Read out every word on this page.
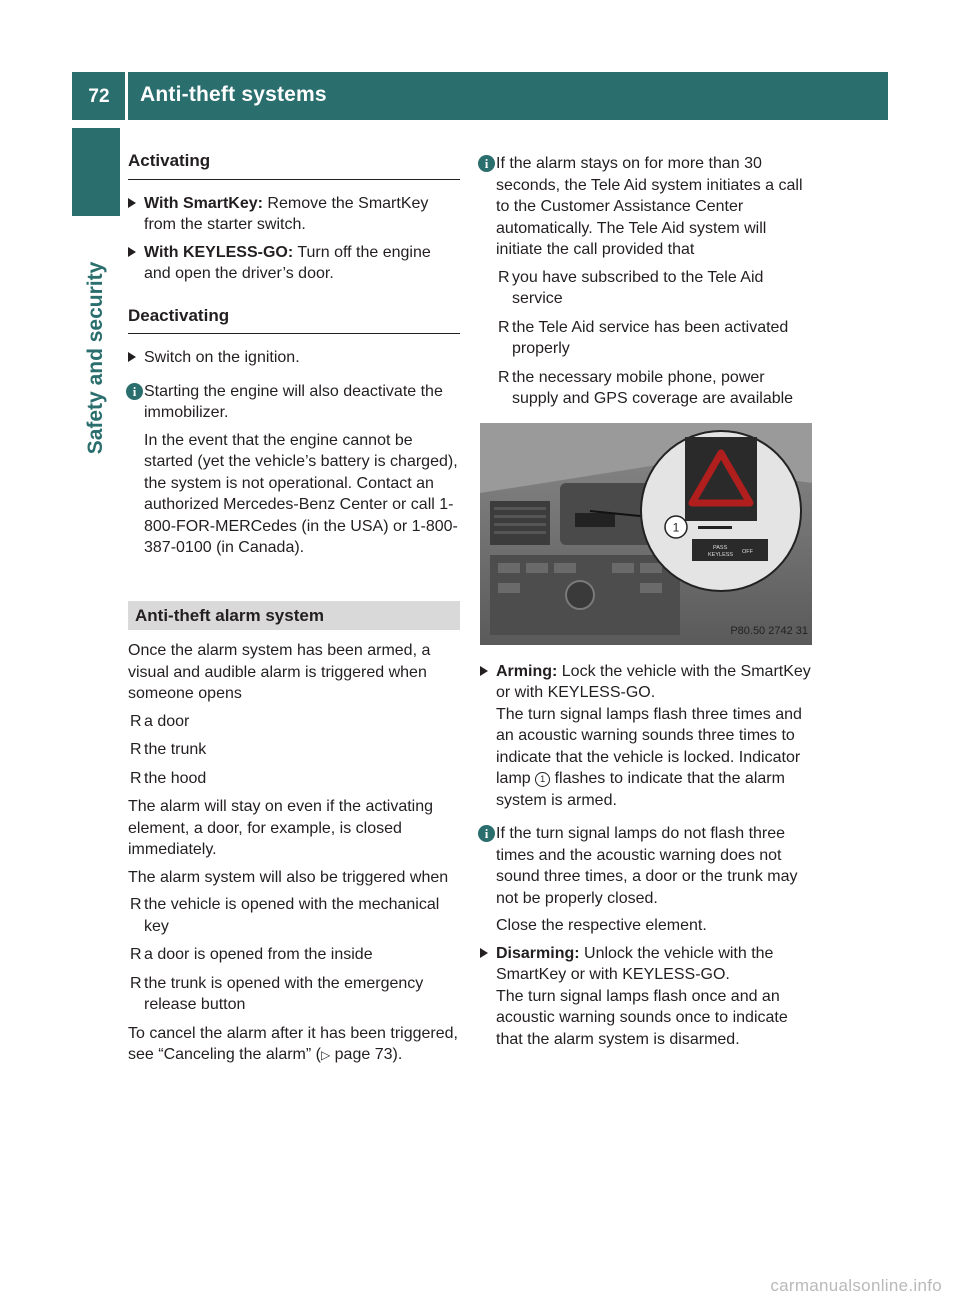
72	Anti-theft systems
Safety and security
Activating
With SmartKey: Remove the SmartKey from the starter switch.
With KEYLESS-GO: Turn off the engine and open the driver’s door.
Deactivating
Switch on the ignition.
i Starting the engine will also deactivate the immobilizer.
In the event that the engine cannot be started (yet the vehicle’s battery is charged), the system is not operational. Contact an authorized Mercedes-Benz Center or call 1-800-FOR-MERCedes (in the USA) or 1-800-387-0100 (in Canada).
Anti-theft alarm system
Once the alarm system has been armed, a visual and audible alarm is triggered when someone opens
R a door
R the trunk
R the hood
The alarm will stay on even if the activating element, a door, for example, is closed immediately.
The alarm system will also be triggered when
R the vehicle is opened with the mechanical key
R a door is opened from the inside
R the trunk is opened with the emergency release button
To cancel the alarm after it has been triggered, see “Canceling the alarm” (▷ page 73).
i If the alarm stays on for more than 30 seconds, the Tele Aid system initiates a call to the Customer Assistance Center automatically. The Tele Aid system will initiate the call provided that
R you have subscribed to the Tele Aid service
R the Tele Aid service has been activated properly
R the necessary mobile phone, power supply and GPS coverage are available
1
PASS
KEYLESS OFF
P80.50 2742 31
Arming: Lock the vehicle with the SmartKey or with KEYLESS-GO.
The turn signal lamps flash three times and an acoustic warning sounds three times to indicate that the vehicle is locked. Indicator lamp 1 flashes to indicate that the alarm system is armed.
i If the turn signal lamps do not flash three times and the acoustic warning does not sound three times, a door or the trunk may not be properly closed.
Close the respective element.
Disarming: Unlock the vehicle with the SmartKey or with KEYLESS-GO.
The turn signal lamps flash once and an acoustic warning sounds once to indicate that the alarm system is disarmed.
carmanualsonline.info
